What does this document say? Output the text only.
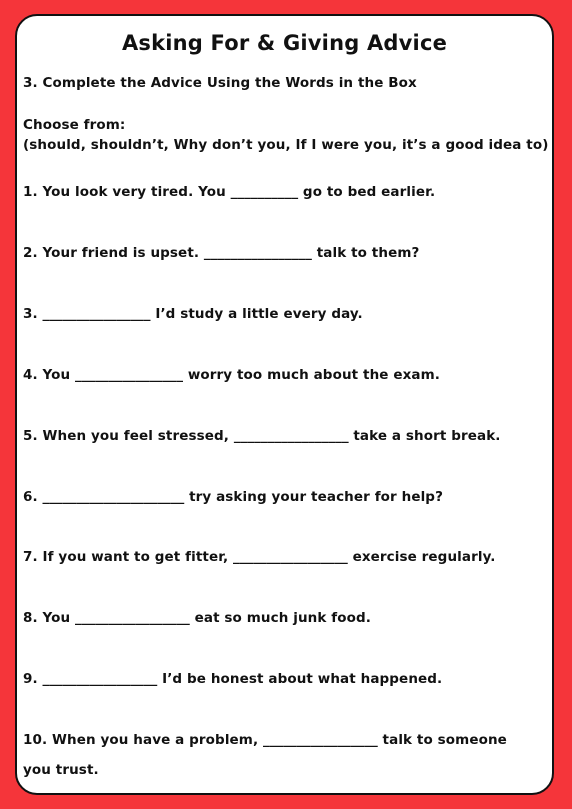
Asking For & Giving Advice
3. Complete the Advice Using the Words in the Box
Choose from:
(should, shouldn’t, Why don’t you, If I were you, it’s a good idea to)
1. You look very tired. You __________ go to bed earlier.
2. Your friend is upset. ________________ talk to them?
3. ________________ I’d study a little every day.
4. You ________________ worry too much about the exam.
5. When you feel stressed, _________________ take a short break.
6. _____________________ try asking your teacher for help?
7. If you want to get fitter, _________________ exercise regularly.
8. You _________________ eat so much junk food.
9. _________________ I’d be honest about what happened.
10. When you have a problem, _________________ talk to someone
you trust.
